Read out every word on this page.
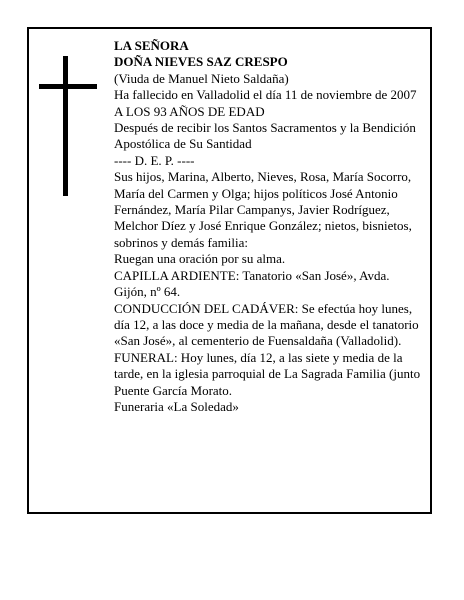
LA SEÑORA

DOÑA NIEVES SAZ CRESPO

(Viuda de Manuel Nieto Saldaña)

Ha fallecido en Valladolid el día 11 de noviembre de 2007

A LOS 93 AÑOS DE EDAD

Después de recibir los Santos Sacramentos y la Bendición Apostólica de Su Santidad

---- D. E. P. ----

Sus hijos, Marina, Alberto, Nieves, Rosa, María Socorro, María del Carmen y Olga; hijos políticos José Antonio Fernández, María Pilar Campanys, Javier Rodríguez, Melchor Díez y José Enrique González; nietos, bisnietos, sobrinos y demás familia:

Ruegan una oración por su alma.

CAPILLA ARDIENTE: Tanatorio «San José», Avda. Gijón, nº 64.

CONDUCCIÓN DEL CADÁVER: Se efectúa hoy lunes, día 12, a las doce y media de la mañana, desde el tanatorio «San José», al cementerio de Fuensaldaña (Valladolid).

FUNERAL: Hoy lunes, día 12, a las siete y media de la tarde, en la iglesia parroquial de La Sagrada Familia (junto Puente García Morato.

Funeraria «La Soledad»
